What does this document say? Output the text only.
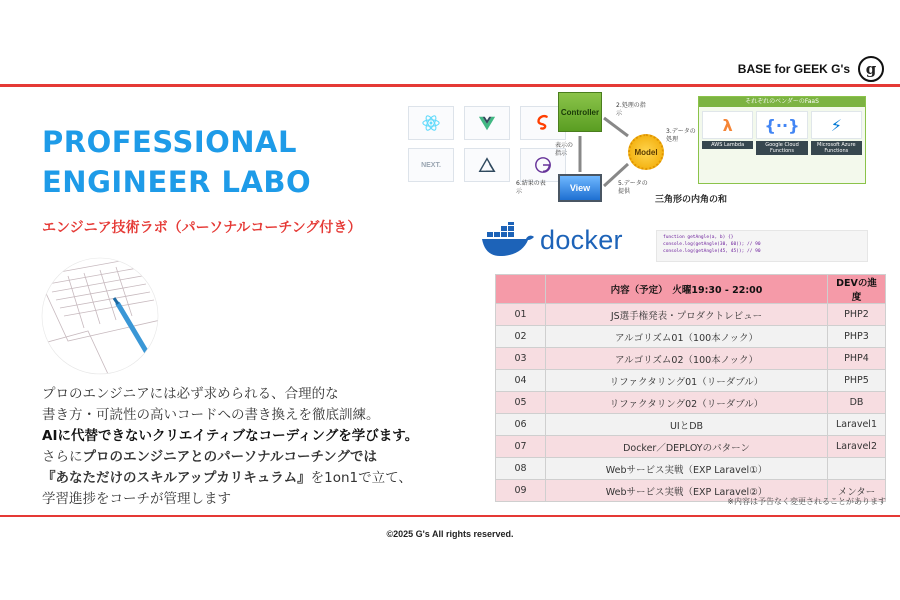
BASE for GEEK G's	g
PROFESSIONAL
ENGINEER LABO
エンジニア技術ラボ（パーソナルコーチング付き）

プロのエンジニアには必ず求められる、合理的な

書き方・可読性の高いコードへの書き換えを徹底訓練。

AIに代替できないクリエイティブなコーディングを学びます。

さらにプロのエンジニアとのパーソナルコーチングでは

『あなただけのスキルアップカリキュラム』を1on1で立て、

学習進捗をコーチが管理します

NEXT.
Controller
Model
View
2.処理の指示
3.データの処理
表示の指示
5.データの提供
6.結果の表示
それぞれのベンダーのFaaS
λ
AWS Lambda
{··}
Google Cloud Functions
⚡
Microsoft Azure Functions
三角形の内角の和
function getAngle(a, b) {}
console.log(getAngle(30, 60)); // 90
console.log(getAngle(45, 45)); // 90
docker
	内容（予定）　火曜19:30 - 22:00	DEVの進度
01	JS選手権発表・プロダクトレビュー	PHP2
02	アルゴリズム01（100本ノック）	PHP3
03	アルゴリズム02（100本ノック）	PHP4
04	リファクタリング01（リーダブル）	PHP5
05	リファクタリング02（リーダブル）	DB
06	UIとDB	Laravel1
07	Docker／DEPLOYのパターン	Laravel2
08	Webサービス実戦（EXP Laravel①）	
09	Webサービス実戦（EXP Laravel②）	メンター
※内容は予告なく変更されることがあります
©2025 G's All rights reserved.
